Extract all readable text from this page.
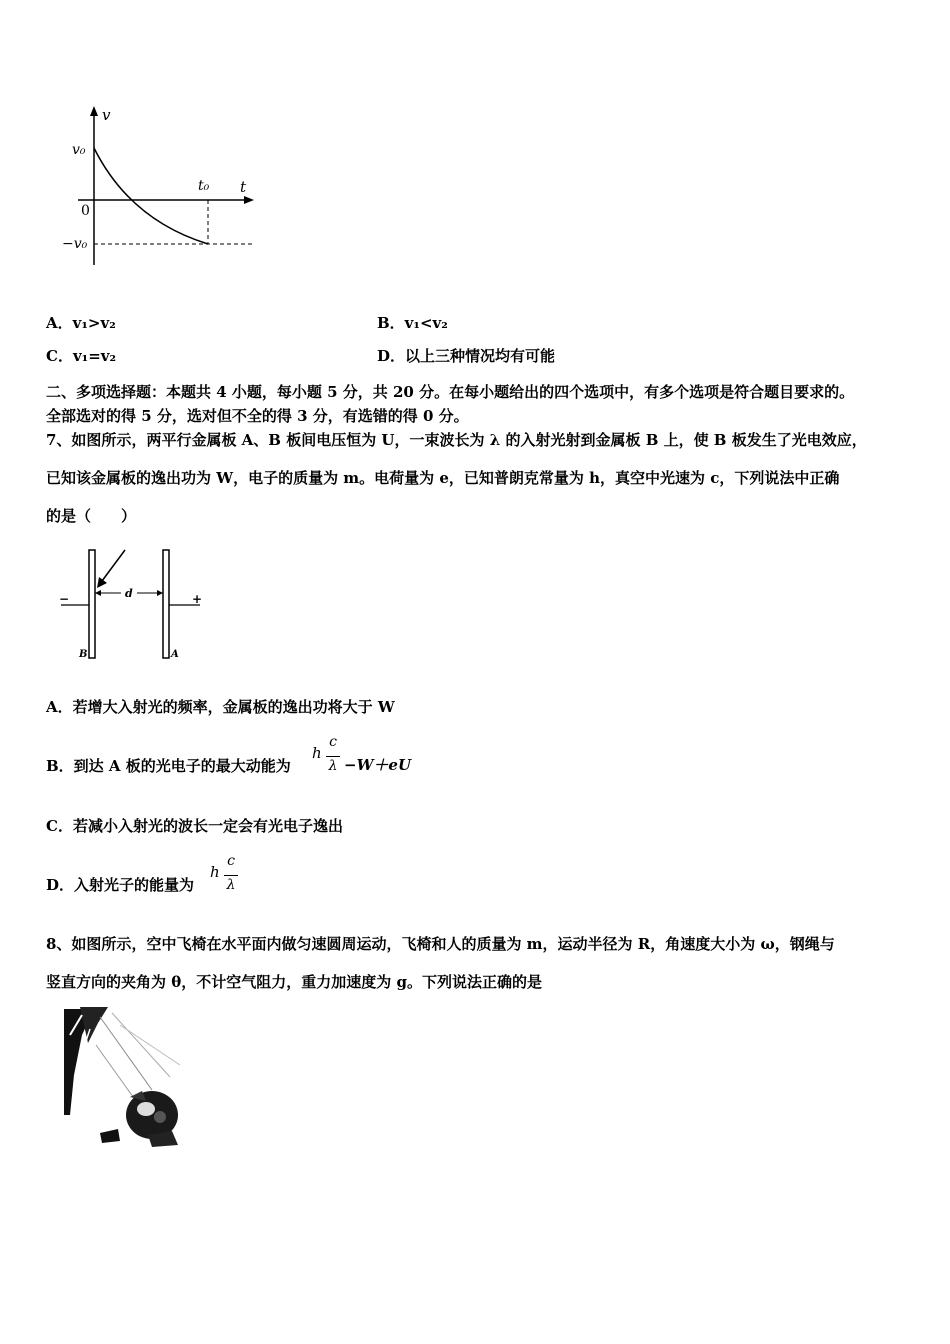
v
t
v₀
0
−v₀
t₀
A．v₁>v₂	B．v₁<v₂
C．v₁=v₂	D．以上三种情况均有可能
二、多项选择题：本题共 4 小题，每小题 5 分，共 20 分。在每小题给出的四个选项中，有多个选项是符合题目要求的。
全部选对的得 5 分，选对但不全的得 3 分，有选错的得 0 分。
7、如图所示，两平行金属板 A、B 板间电压恒为 U，一束波长为 λ 的入射光射到金属板 B 上，使 B 板发生了光电效应，
已知该金属板的逸出功为 W，电子的质量为 m。电荷量为 e，已知普朗克常量为 h，真空中光速为 c，下列说法中正确
的是（　　）
−	+
d
B	A
A．若增大入射光的频率，金属板的逸出功将大于 W
B．到达 A 板的光电子的最大动能为
h
c
λ −W＋eU
C．若减小入射光的波长一定会有光电子逸出
D．入射光子的能量为
h
c
λ
8、如图所示，空中飞椅在水平面内做匀速圆周运动，飞椅和人的质量为 m，运动半径为 R，角速度大小为 ω，钢绳与
竖直方向的夹角为 θ，不计空气阻力，重力加速度为 g。下列说法正确的是
